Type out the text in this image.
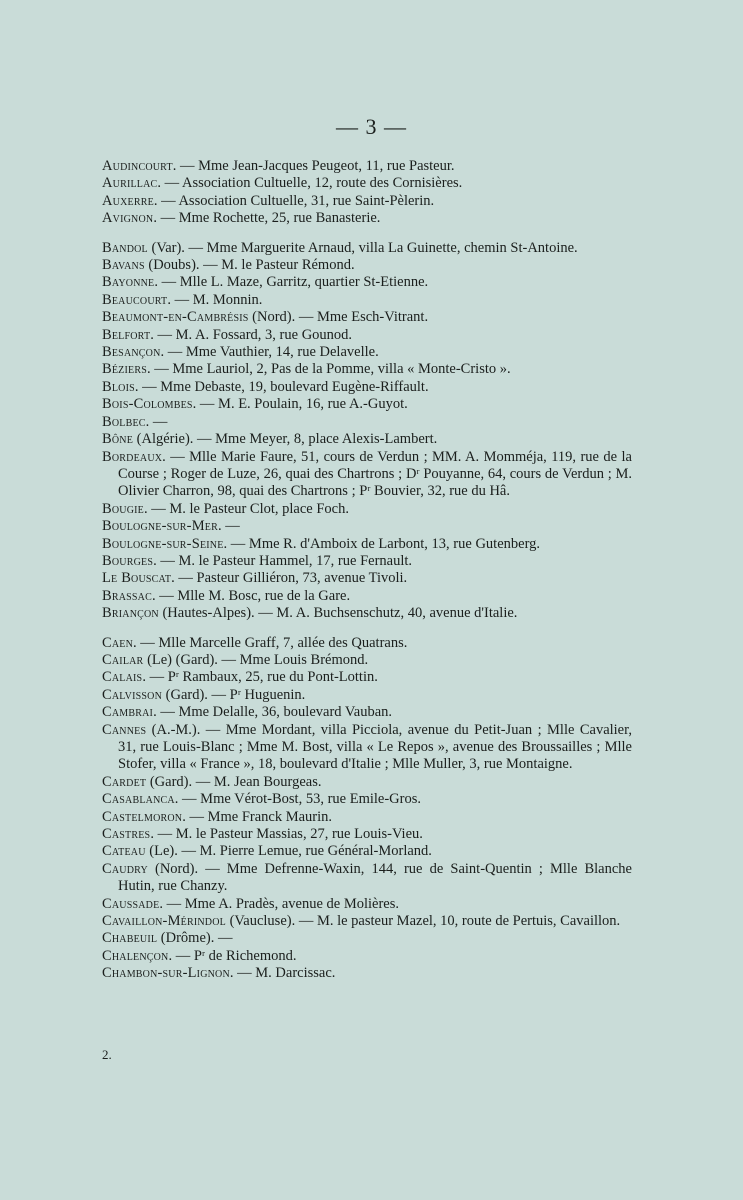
— 3 —

Audincourt. — Mme Jean-Jacques Peugeot, 11, rue Pasteur.

Aurillac. — Association Cultuelle, 12, route des Cornisières.

Auxerre. — Association Cultuelle, 31, rue Saint-Pèlerin.

Avignon. — Mme Rochette, 25, rue Banasterie.

Bandol (Var). — Mme Marguerite Arnaud, villa La Guinette, chemin St-Antoine.

Bavans (Doubs). — M. le Pasteur Rémond.

Bayonne. — Mlle L. Maze, Garritz, quartier St-Etienne.

Beaucourt. — M. Monnin.

Beaumont-en-Cambrésis (Nord). — Mme Esch-Vitrant.

Belfort. — M. A. Fossard, 3, rue Gounod.

Besançon. — Mme Vauthier, 14, rue Delavelle.

Béziers. — Mme Lauriol, 2, Pas de la Pomme, villa « Monte-Cristo ».

Blois. — Mme Debaste, 19, boulevard Eugène-Riffault.

Bois-Colombes. — M. E. Poulain, 16, rue A.-Guyot.

Bolbec. —

Bône (Algérie). — Mme Meyer, 8, place Alexis-Lambert.

Bordeaux. — Mlle Marie Faure, 51, cours de Verdun ; MM. A. Momméja, 119, rue de la Course ; Roger de Luze, 26, quai des Chartrons ; Dʳ Pouyanne, 64, cours de Verdun ; M. Olivier Charron, 98, quai des Chartrons ; Pʳ Bouvier, 32, rue du Hâ.

Bougie. — M. le Pasteur Clot, place Foch.

Boulogne-sur-Mer. —

Boulogne-sur-Seine. — Mme R. d'Amboix de Larbont, 13, rue Gutenberg.

Bourges. — M. le Pasteur Hammel, 17, rue Fernault.

Le Bouscat. — Pasteur Gilliéron, 73, avenue Tivoli.

Brassac. — Mlle M. Bosc, rue de la Gare.

Briançon (Hautes-Alpes). — M. A. Buchsenschutz, 40, avenue d'Italie.

Caen. — Mlle Marcelle Graff, 7, allée des Quatrans.

Cailar (Le) (Gard). — Mme Louis Brémond.

Calais. — Pʳ Rambaux, 25, rue du Pont-Lottin.

Calvisson (Gard). — Pʳ Huguenin.

Cambrai. — Mme Delalle, 36, boulevard Vauban.

Cannes (A.-M.). — Mme Mordant, villa Picciola, avenue du Petit-Juan ; Mlle Cavalier, 31, rue Louis-Blanc ; Mme M. Bost, villa « Le Repos », avenue des Broussailles ; Mlle Stofer, villa « France », 18, boulevard d'Italie ; Mlle Muller, 3, rue Montaigne.

Cardet (Gard). — M. Jean Bourgeas.

Casablanca. — Mme Vérot-Bost, 53, rue Emile-Gros.

Castelmoron. — Mme Franck Maurin.

Castres. — M. le Pasteur Massias, 27, rue Louis-Vieu.

Cateau (Le). — M. Pierre Lemue, rue Général-Morland.

Caudry (Nord). — Mme Defrenne-Waxin, 144, rue de Saint-Quentin ; Mlle Blanche Hutin, rue Chanzy.

Caussade. — Mme A. Pradès, avenue de Molières.

Cavaillon-Mérindol (Vaucluse). — M. le pasteur Mazel, 10, route de Pertuis, Cavaillon.

Chabeuil (Drôme). —

Chalençon. — Pʳ de Richemond.

Chambon-sur-Lignon. — M. Darcissac.

2.
